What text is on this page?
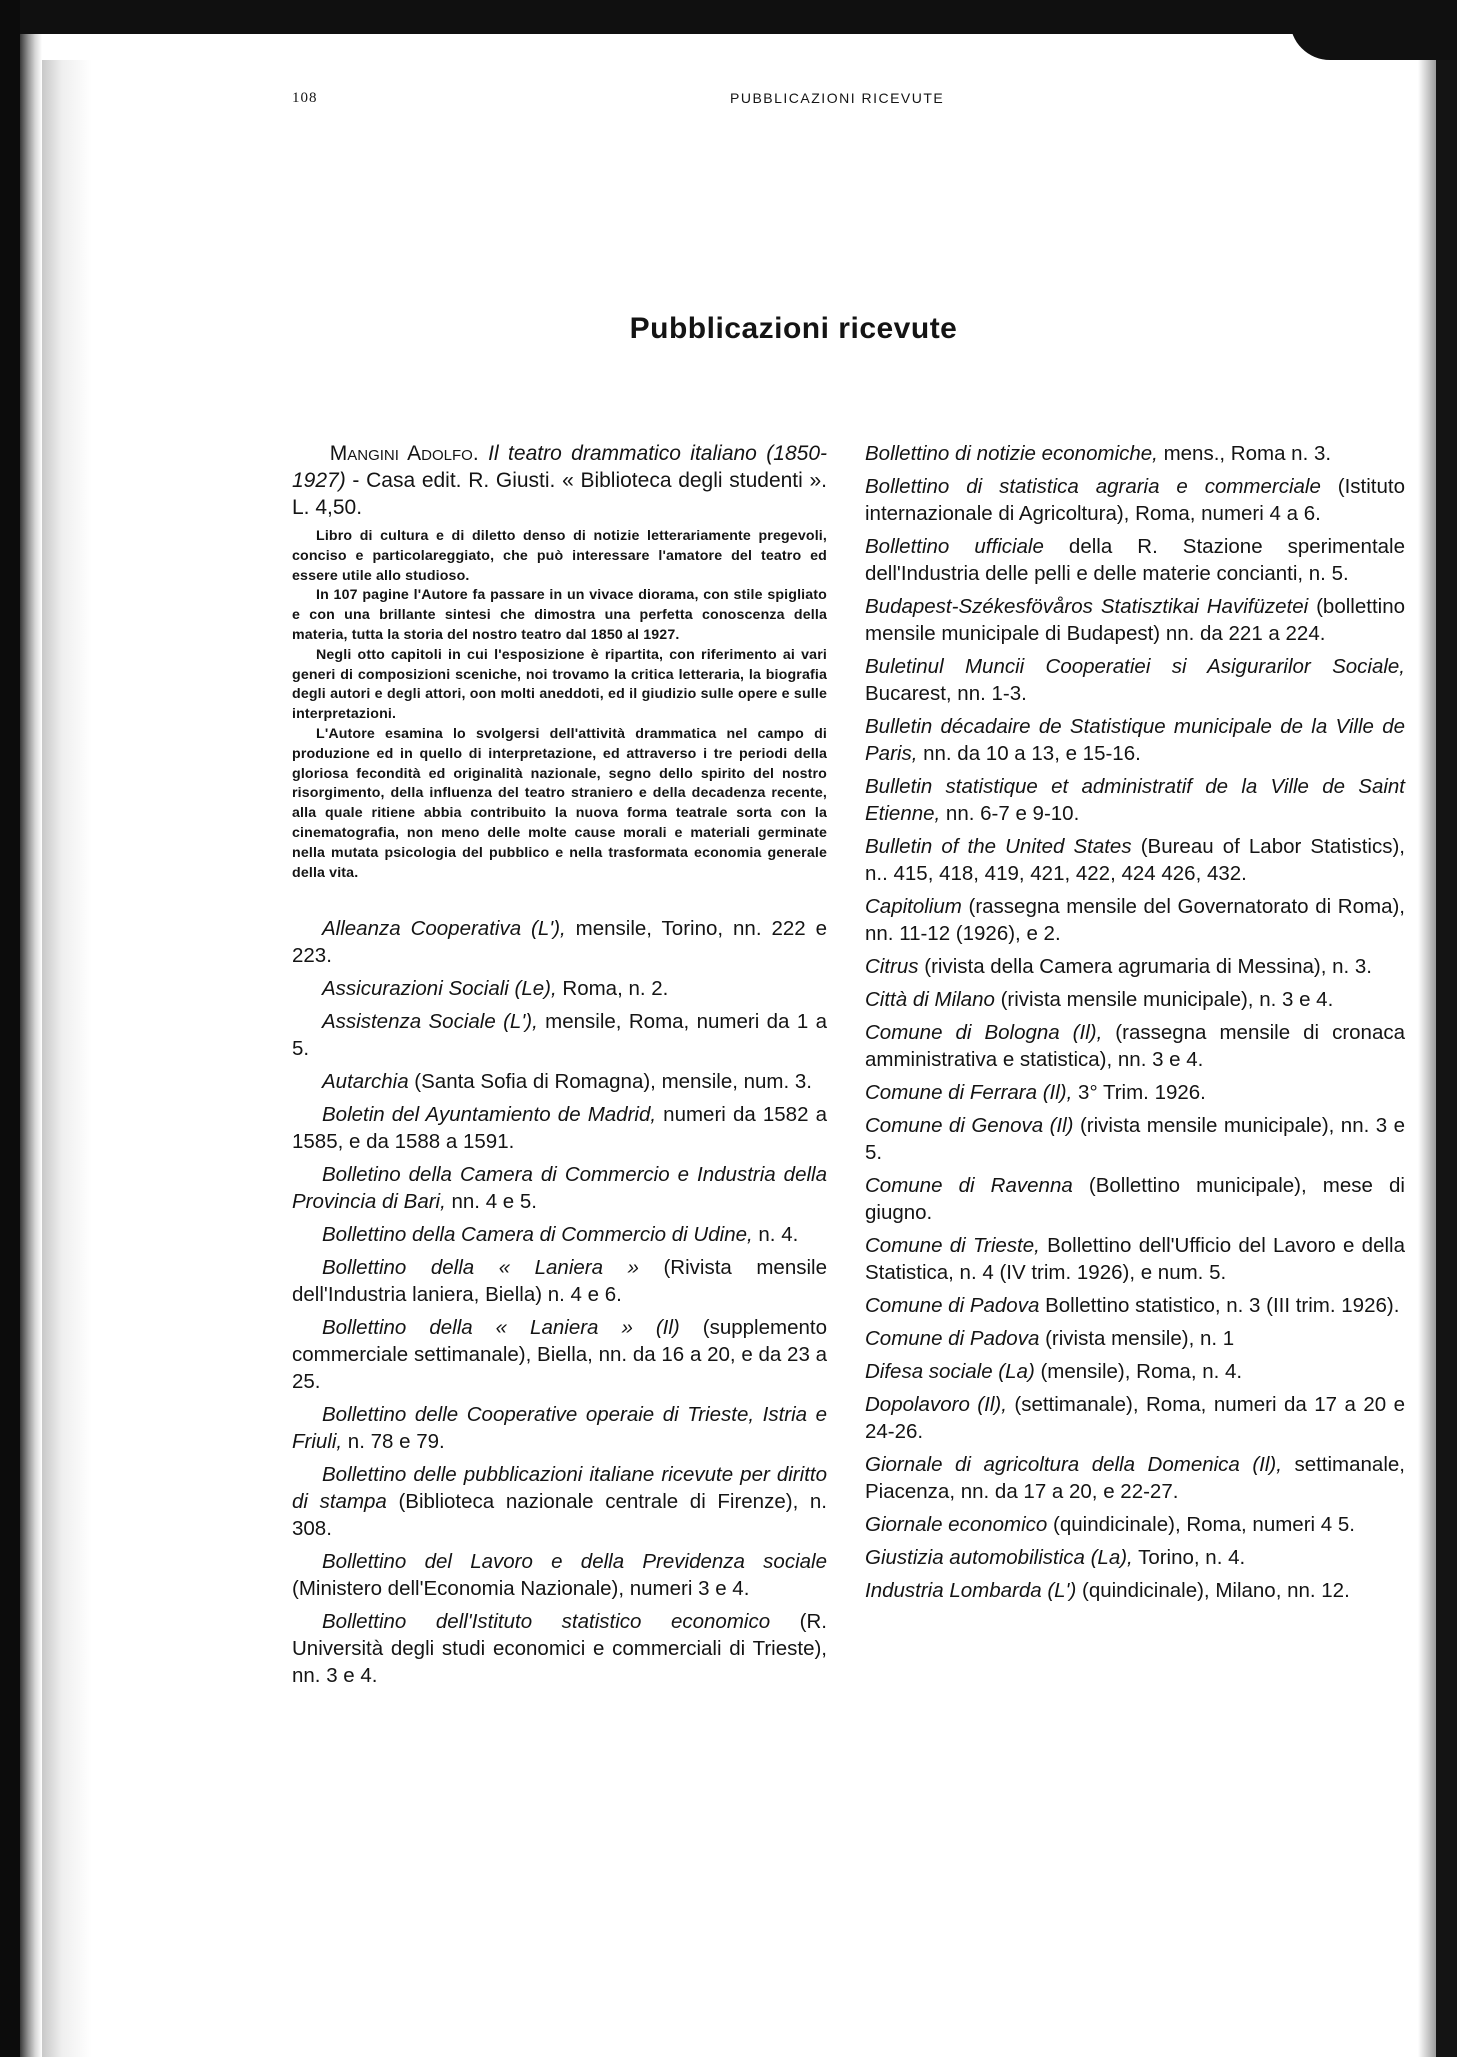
108	PUBBLICAZIONI RICEVUTE
Pubblicazioni ricevute

Mangini Adolfo. Il teatro drammatico italiano (1850-1927) - Casa edit. R. Giusti. « Biblioteca degli studenti ». L. 4,50.

Libro di cultura e di diletto denso di notizie letterariamente pregevoli, conciso e particolareggiato, che può interessare l'amatore del teatro ed essere utile allo studioso.

In 107 pagine l'Autore fa passare in un vivace diorama, con stile spigliato e con una brillante sintesi che dimostra una perfetta conoscenza della materia, tutta la storia del nostro teatro dal 1850 al 1927.

Negli otto capitoli in cui l'esposizione è ripartita, con riferimento ai vari generi di composizioni sceniche, noi trovamo la critica letteraria, la biografia degli autori e degli attori, oon molti aneddoti, ed il giudizio sulle opere e sulle interpretazioni.

L'Autore esamina lo svolgersi dell'attività drammatica nel campo di produzione ed in quello di interpretazione, ed attraverso i tre periodi della gloriosa fecondità ed originalità nazionale, segno dello spirito del nostro risorgimento, della influenza del teatro straniero e della decadenza recente, alla quale ritiene abbia contribuito la nuova forma teatrale sorta con la cinematografia, non meno delle molte cause morali e materiali germinate nella mutata psicologia del pubblico e nella trasformata economia generale della vita.

Alleanza Cooperativa (L'), mensile, Torino, nn. 222 e 223.

Assicurazioni Sociali (Le), Roma, n. 2.

Assistenza Sociale (L'), mensile, Roma, numeri da 1 a 5.

Autarchia (Santa Sofia di Romagna), mensile, num. 3.

Boletin del Ayuntamiento de Madrid, numeri da 1582 a 1585, e da 1588 a 1591.

Bolletino della Camera di Commercio e Industria della Provincia di Bari, nn. 4 e 5.

Bollettino della Camera di Commercio di Udine, n. 4.

Bollettino della « Laniera » (Rivista mensile dell'Industria laniera, Biella) n. 4 e 6.

Bollettino della « Laniera » (Il) (supplemento commerciale settimanale), Biella, nn. da 16 a 20, e da 23 a 25.

Bollettino delle Cooperative operaie di Trieste, Istria e Friuli, n. 78 e 79.

Bollettino delle pubblicazioni italiane ricevute per diritto di stampa (Biblioteca nazionale centrale di Firenze), n. 308.

Bollettino del Lavoro e della Previdenza sociale (Ministero dell'Economia Nazionale), numeri 3 e 4.

Bollettino dell'Istituto statistico economico (R. Università degli studi economici e commerciali di Trieste), nn. 3 e 4.

Bollettino di notizie economiche, mens., Roma n. 3.

Bollettino di statistica agraria e commerciale (Istituto internazionale di Agricoltura), Roma, numeri 4 a 6.

Bollettino ufficiale della R. Stazione sperimentale dell'Industria delle pelli e delle materie concianti, n. 5.

Budapest-Székesfövåros Statisztikai Havifüzetei (bollettino mensile municipale di Budapest) nn. da 221 a 224.

Buletinul Muncii Cooperatiei si Asigurarilor Sociale, Bucarest, nn. 1-3.

Bulletin décadaire de Statistique municipale de la Ville de Paris, nn. da 10 a 13, e 15-16.

Bulletin statistique et administratif de la Ville de Saint Etienne, nn. 6-7 e 9-10.

Bulletin of the United States (Bureau of Labor Statistics), n.. 415, 418, 419, 421, 422, 424 426, 432.

Capitolium (rassegna mensile del Governatorato di Roma), nn. 11-12 (1926), e 2.

Citrus (rivista della Camera agrumaria di Messina), n. 3.

Città di Milano (rivista mensile municipale), n. 3 e 4.

Comune di Bologna (Il), (rassegna mensile di cronaca amministrativa e statistica), nn. 3 e 4.

Comune di Ferrara (Il), 3° Trim. 1926.

Comune di Genova (Il) (rivista mensile municipale), nn. 3 e 5.

Comune di Ravenna (Bollettino municipale), mese di giugno.

Comune di Trieste, Bollettino dell'Ufficio del Lavoro e della Statistica, n. 4 (IV trim. 1926), e num. 5.

Comune di Padova Bollettino statistico, n. 3 (III trim. 1926).

Comune di Padova (rivista mensile), n. 1

Difesa sociale (La) (mensile), Roma, n. 4.

Dopolavoro (Il), (settimanale), Roma, numeri da 17 a 20 e 24-26.

Giornale di agricoltura della Domenica (Il), settimanale, Piacenza, nn. da 17 a 20, e 22-27.

Giornale economico (quindicinale), Roma, numeri 4 5.

Giustizia automobilistica (La), Torino, n. 4.

Industria Lombarda (L') (quindicinale), Milano, nn. 12.
